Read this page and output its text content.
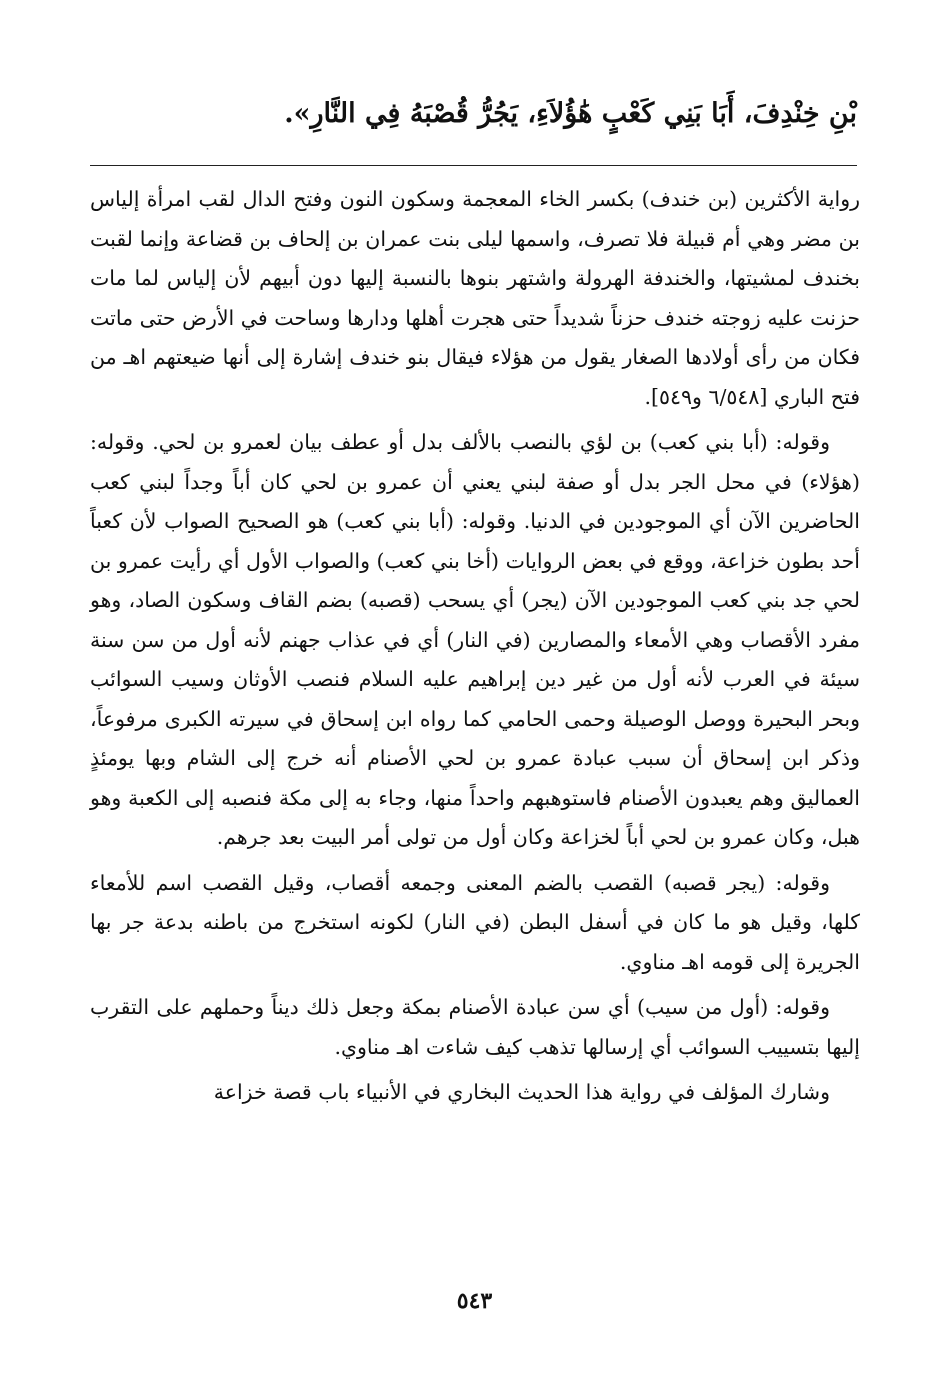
بْنِ خِنْدِفَ، أَبَا بَنِي كَعْبٍ هَٰؤُلاَءِ، يَجُرُّ قُصْبَهُ فِي النَّارِ».

رواية الأكثرين (بن خندف) بكسر الخاء المعجمة وسكون النون وفتح الدال لقب امرأة إلياس بن مضر وهي أم قبيلة فلا تصرف، واسمها ليلى بنت عمران بن إلحاف بن قضاعة وإنما لقبت بخندف لمشيتها، والخندفة الهرولة واشتهر بنوها بالنسبة إليها دون أبيهم لأن إلياس لما مات حزنت عليه زوجته خندف حزناً شديداً حتى هجرت أهلها ودارها وساحت في الأرض حتى ماتت فكان من رأى أولادها الصغار يقول من هؤلاء فيقال بنو خندف إشارة إلى أنها ضيعتهم اهـ من فتح الباري [٦/٥٤٨ و٥٤٩].

وقوله: (أبا بني كعب) بن لؤي بالنصب بالألف بدل أو عطف بيان لعمرو بن لحي. وقوله: (هؤلاء) في محل الجر بدل أو صفة لبني يعني أن عمرو بن لحي كان أباً وجداً لبني كعب الحاضرين الآن أي الموجودين في الدنيا. وقوله: (أبا بني كعب) هو الصحيح الصواب لأن كعباً أحد بطون خزاعة، ووقع في بعض الروايات (أخا بني كعب) والصواب الأول أي رأيت عمرو بن لحي جد بني كعب الموجودين الآن (يجر) أي يسحب (قصبه) بضم القاف وسكون الصاد، وهو مفرد الأقصاب وهي الأمعاء والمصارين (في النار) أي في عذاب جهنم لأنه أول من سن سنة سيئة في العرب لأنه أول من غير دين إبراهيم عليه السلام فنصب الأوثان وسيب السوائب وبحر البحيرة ووصل الوصيلة وحمى الحامي كما رواه ابن إسحاق في سيرته الكبرى مرفوعاً، وذكر ابن إسحاق أن سبب عبادة عمرو بن لحي الأصنام أنه خرج إلى الشام وبها يومئذٍ العماليق وهم يعبدون الأصنام فاستوهبهم واحداً منها، وجاء به إلى مكة فنصبه إلى الكعبة وهو هبل، وكان عمرو بن لحي أباً لخزاعة وكان أول من تولى أمر البيت بعد جرهم.

وقوله: (يجر قصبه) القصب بالضم المعنى وجمعه أقصاب، وقيل القصب اسم للأمعاء كلها، وقيل هو ما كان في أسفل البطن (في النار) لكونه استخرج من باطنه بدعة جر بها الجريرة إلى قومه اهـ مناوي.

وقوله: (أول من سيب) أي سن عبادة الأصنام بمكة وجعل ذلك ديناً وحملهم على التقرب إليها بتسييب السوائب أي إرسالها تذهب كيف شاءت اهـ مناوي.

وشارك المؤلف في رواية هذا الحديث البخاري في الأنبياء باب قصة خزاعة

٥٤٣
